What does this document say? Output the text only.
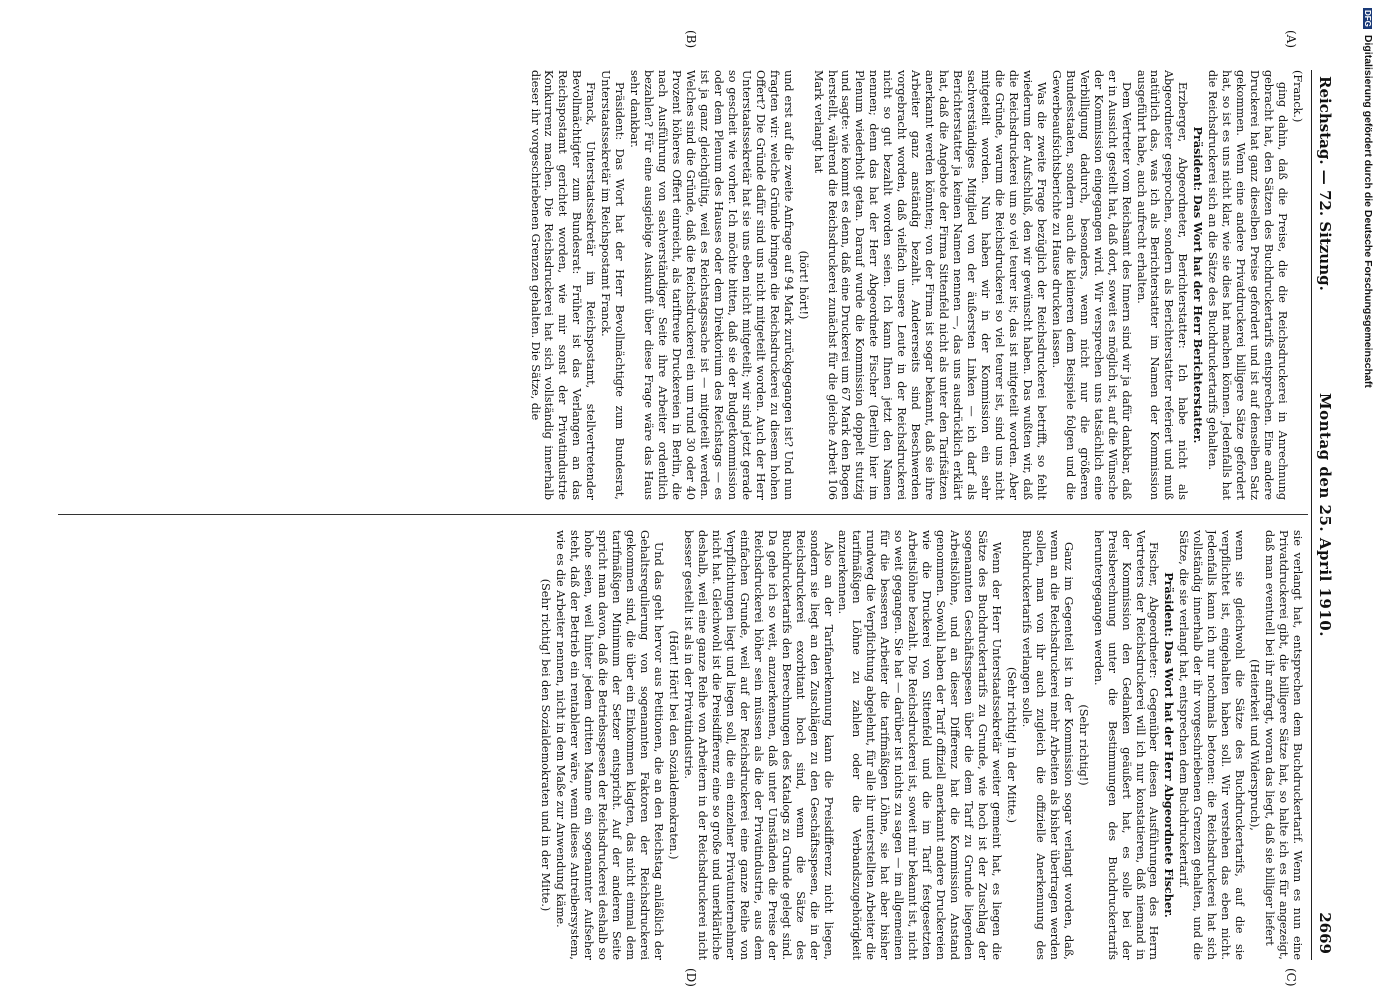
Reichstag. — 72. Sitzung.
Montag den 25. April 1910.
2669
(A)
(B)
(C)
(D)

(Franck.)

ging dahin, daß die Preise, die die Reichsdruckerei in Anrechnung gebracht hat, den Sätzen des Buchdruckertarifs entsprechen. Eine andere Druckerei hat ganz dieselben Preise gefordert und ist auf denselben Satz gekommen. Wenn eine andere Privatdruckerei billigere Sätze gefordert hat, so ist es uns nicht klar, wie sie dies hat machen können. Jedenfalls hat die Reichsdruckerei sich an die Sätze des Buchdruckertarifs gehalten.

Präsident: Das Wort hat der Herr Berichterstatter.

Erzberger, Abgeordneter, Berichterstatter: Ich habe nicht als Abgeordneter gesprochen, sondern als Berichterstatter referiert und muß natürlich das, was ich als Berichterstatter im Namen der Kommission ausgeführt habe, auch aufrecht erhalten.

Dem Vertreter vom Reichsamt des Innern sind wir ja dafür dankbar, daß er in Aussicht gestellt hat, daß dort, soweit es möglich ist, auf die Wünsche der Kommission eingegangen wird. Wir versprechen uns tatsächlich eine Verbilligung dadurch, besonders, wenn nicht nur die größeren Bundesstaaten, sondern auch die kleineren dem Beispiele folgen und die Gewerbeaufsichtsberichte zu Hause drucken lassen.

Was die zweite Frage bezüglich der Reichsdruckerei betrifft, so fehlt wiederum der Aufschluß, den wir gewünscht haben. Das wußten wir, daß die Reichsdruckerei um so viel teurer ist; das ist mitgeteilt worden. Aber die Gründe, warum die Reichsdruckerei so viel teurer ist, sind uns nicht mitgeteilt worden. Nun haben wir in der Kommission ein sehr sachverständiges Mitglied von der äußersten Linken — ich darf als Berichterstatter ja keinen Namen nennen —, das uns ausdrücklich erklärt hat, daß die Angebote der Firma Sittenfeld nicht als unter den Tarifsätzen anerkannt werden könnten; von der Firma ist sogar bekannt, daß sie ihre Arbeiter ganz anständig bezahlt. Andererseits sind Beschwerden vorgebracht worden, daß vielfach unsere Leute in der Reichsdruckerei nicht so gut bezahlt worden seien. Ich kann Ihnen jetzt den Namen nennen; denn das hat der Herr Abgeordnete Fischer (Berlin) hier im Plenum wiederholt getan. Darauf wurde die Kommission doppelt stutzig und sagte: wie kommt es denn, daß eine Druckerei um 67 Mark den Bogen herstellt, während die Reichsdruckerei zunächst für die gleiche Arbeit 106 Mark verlangt hat

(hört! hört!)

und erst auf die zweite Anfrage auf 94 Mark zurückgegangen ist? Und nun fragten wir: welche Gründe bringen die Reichsdruckerei zu diesem hohen Offert? Die Gründe dafür sind uns nicht mitgeteilt worden. Auch der Herr Unterstaatssekretär hat sie uns eben nicht mitgeteilt; wir sind jetzt gerade so gescheit wie vorher. Ich möchte bitten, daß sie der Budgetkommission oder dem Plenum des Hauses oder dem Direktorium des Reichstags — es ist ja ganz gleichgültig, weil es Reichstagssache ist — mitgeteilt werden. Welches sind die Gründe, daß die Reichsdruckerei ein um rund 30 oder 40 Prozent höheres Offert einreicht, als tariftreue Druckereien in Berlin, die nach Ausführung von sachverständiger Seite ihre Arbeiter ordentlich bezahlen? Für eine ausgiebige Auskunft über diese Frage wäre das Haus sehr dankbar.

Präsident: Das Wort hat der Herr Bevollmächtigte zum Bundesrat, Unterstaatssekretär im Reichspostamt Franck.

Franck, Unterstaatssekretär im Reichspostamt, stellvertretender Bevollmächtigter zum Bundesrat: Früher ist das Verlangen an das Reichspostamt gerichtet worden, wie mir sonst der Privatindustrie Konkurrenz machen. Die Reichsdruckerei hat sich vollständig innerhalb dieser ihr vorgeschriebenen Grenzen gehalten. Die Sätze, die

sie verlangt hat, entsprechen dem Buchdruckertarif. Wenn es nun eine Privatdruckerei gibt, die billigere Sätze hat, so halte ich es für angezeigt, daß man eventuell bei ihr anfragt, woran das liegt, daß sie billiger liefert

(Heiterkeit und Widerspruch),

wenn sie gleichwohl die Sätze des Buchdruckertarifs, auf die sie verpflichtet ist, eingehalten haben soll. Wir verstehen das eben nicht. Jedenfalls kann ich nur nochmals betonen: die Reichsdruckerei hat sich vollständig innerhalb der ihr vorgeschriebenen Grenzen gehalten, und die Sätze, die sie verlangt hat, entsprechen dem Buchdruckertarif.

Präsident: Das Wort hat der Herr Abgeordnete Fischer.

Fischer, Abgeordneter: Gegenüber diesen Ausführungen des Herrn Vertreters der Reichsdruckerei will ich nur konstatieren, daß niemand in der Kommission den Gedanken geäußert hat, es solle bei der Preisberechnung unter die Bestimmungen des Buchdruckertarifs heruntergegangen werden.

(Sehr richtig!)

Ganz im Gegenteil ist in der Kommission sogar verlangt worden, daß, wenn an die Reichsdruckerei mehr Arbeiten als bisher übertragen werden sollen, man von ihr auch zugleich die offizielle Anerkennung des Buchdruckertarifs verlangen solle.

(Sehr richtig! in der Mitte.)

Wenn der Herr Unterstaatssekretär weiter gemeint hat, es liegen die Sätze des Buchdruckertarifs zu Grunde, wie hoch ist der Zuschlag der sogenannten Geschäftsspesen über die dem Tarif zu Grunde liegenden Arbeitslöhne, und an dieser Differenz hat die Kommission Anstand genommen. Sowohl haben der Tarif offiziell anerkannt andere Druckereien wie die Druckerei von Sittenfeld und die im Tarif festgesetzten Arbeitslöhne bezahlt. Die Reichsdruckerei ist, soweit mir bekannt ist, nicht so weit gegangen. Sie hat — darüber ist nichts zu sagen — im allgemeinen für die besseren Arbeiter die tarifmäßigen Löhne, sie hat aber bisher rundweg die Verpflichtung abgelehnt, für alle ihr unterstellten Arbeiter die tarifmäßigen Löhne zu zahlen oder die Verbandszugehörigkeit anzuerkennen.

Also an der Tarifanerkennung kann die Preisdifferenz nicht liegen, sondern sie liegt an den Zuschlägen zu den Geschäftsspesen, die in der Reichsdruckerei exorbitant hoch sind, wenn die Sätze des Buchdruckertarifs den Berechnungen des Katalogs zu Grunde gelegt sind. Da gehe ich so weit, anzuerkennen, daß unter Umständen die Preise der Reichsdruckerei höher sein müssen als die der Privatindustrie, aus dem einfachen Grunde, weil auf der Reichsdruckerei eine ganze Reihe von Verpflichtungen liegt und liegen soll, die ein einzelner Privatunternehmer nicht hat. Gleichwohl ist die Preisdifferenz eine so große und unerklärliche deshalb, weil eine ganze Reihe von Arbeitern in der Reichsdruckerei nicht besser gestellt ist als in der Privatindustrie.

(Hört! Hört! bei den Sozialdemokraten.)

Und das geht hervor aus Petitionen, die an den Reichstag anläßlich der Gehaltsregulierung von sogenannten Faktoren der Reichsdruckerei gekommen sind, die über ein Einkommen klagten, das nicht einmal dem tarifmäßigen Minimum der Setzer entspricht. Auf der anderen Seite spricht man davon, daß die Betriebsspesen der Reichsdruckerei deshalb so hohe seien, weil hinter jedem dritten Manne ein sogenannter Aufseher steht, daß der Betrieb ein rentablerer wäre, wenn dieses Antreibersystem, wie es die Arbeiter nennen, nicht in dem Maße zur Anwendung käme.

(Sehr richtig! bei den Sozialdemokraten und in der Mitte.)

DFGDigitalisierung gefördert durch die Deutsche Forschungsgemeinschaft
